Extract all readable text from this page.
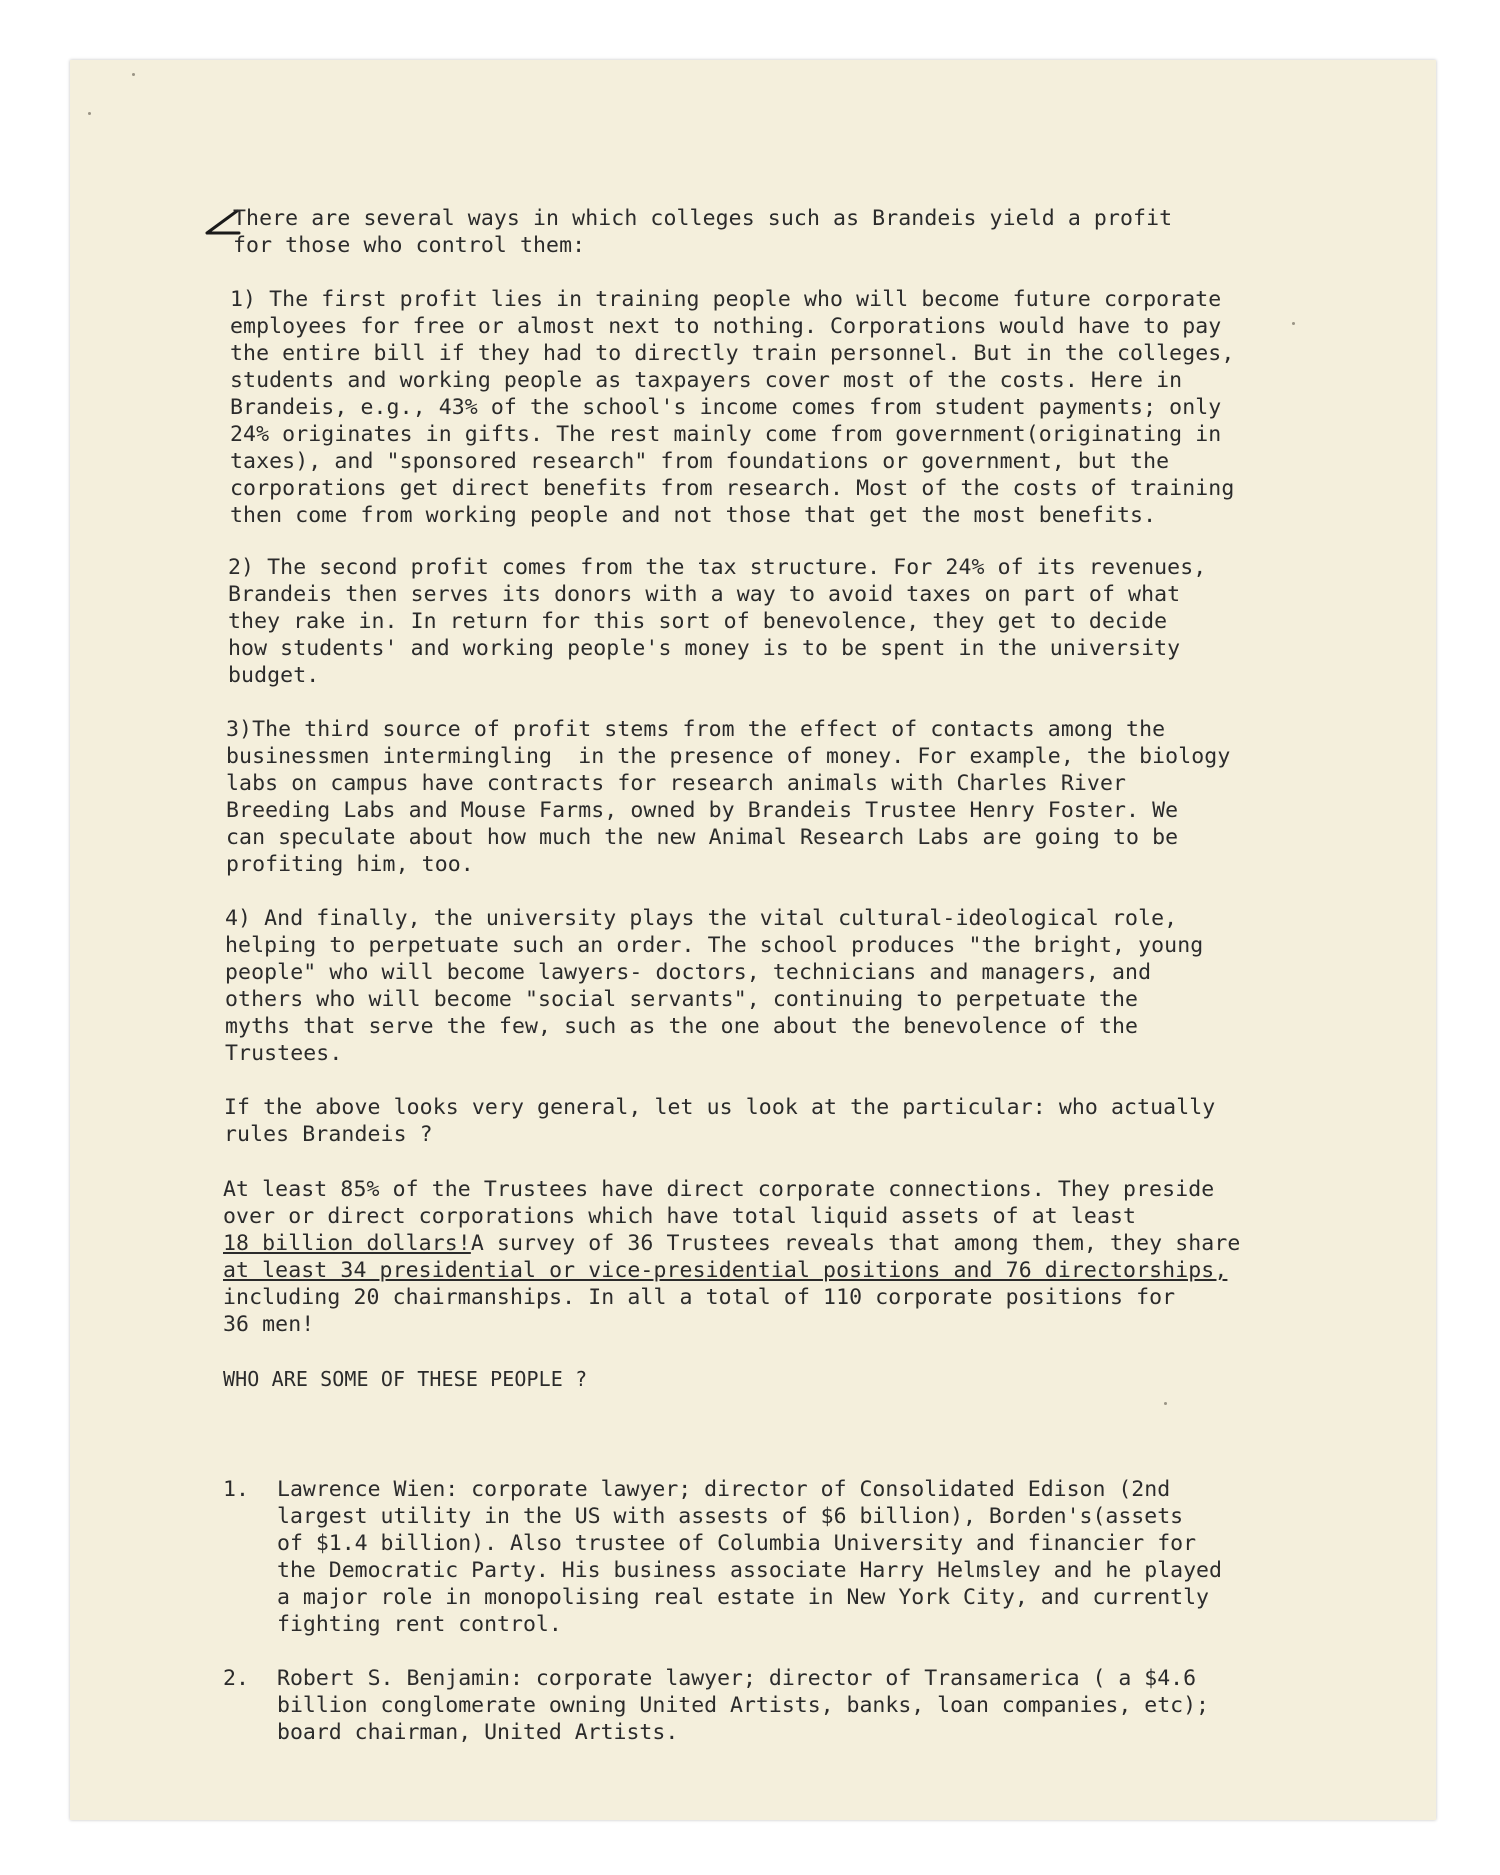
There are several ways in which colleges such as Brandeis yield a profit
for those who control them:
1) The first profit lies in training people who will become future corporate
employees for free or almost next to nothing. Corporations would have to pay
the entire bill if they had to directly train personnel. But in the colleges,
students and working people as taxpayers cover most of the costs. Here in
Brandeis, e.g., 43% of the school's income comes from student payments; only
24% originates in gifts. The rest mainly come from government(originating in
taxes), and "sponsored research" from foundations or government, but the
corporations get direct benefits from research. Most of the costs of training
then come from working people and not those that get the most benefits.
2) The second profit comes from the tax structure. For 24% of its revenues,
Brandeis then serves its donors with a way to avoid taxes on part of what
they rake in. In return for this sort of benevolence, they get to decide
how students' and working people's money is to be spent in the university
budget.
3)The third source of profit stems from the effect of contacts among the
businessmen intermingling  in the presence of money. For example, the biology
labs on campus have contracts for research animals with Charles River
Breeding Labs and Mouse Farms, owned by Brandeis Trustee Henry Foster. We
can speculate about how much the new Animal Research Labs are going to be
profiting him, too.
4) And finally, the university plays the vital cultural-ideological role,
helping to perpetuate such an order. The school produces "the bright, young
people" who will become lawyers- doctors, technicians and managers, and
others who will become "social servants", continuing to perpetuate the
myths that serve the few, such as the one about the benevolence of the
Trustees.
If the above looks very general, let us look at the particular: who actually
rules Brandeis ?
At least 85% of the Trustees have direct corporate connections. They preside
over or direct corporations which have total liquid assets of at least
18 billion dollars!A survey of 36 Trustees reveals that among them, they share
at least 34 presidential or vice-presidential positions and 76 directorships,
including 20 chairmanships. In all a total of 110 corporate positions for
36 men!
WHO ARE SOME OF THESE PEOPLE ?

1.	Lawrence Wien: corporate lawyer; director of Consolidated Edison (2nd
largest utility in the US with assests of $6 billion), Borden's(assets
of $1.4 billion). Also trustee of Columbia University and financier for
the Democratic Party. His business associate Harry Helmsley and he played
a major role in monopolising real estate in New York City, and currently
fighting rent control.

2.	Robert S. Benjamin: corporate lawyer; director of Transamerica ( a $4.6
billion conglomerate owning United Artists, banks, loan companies, etc);
board chairman, United Artists.
